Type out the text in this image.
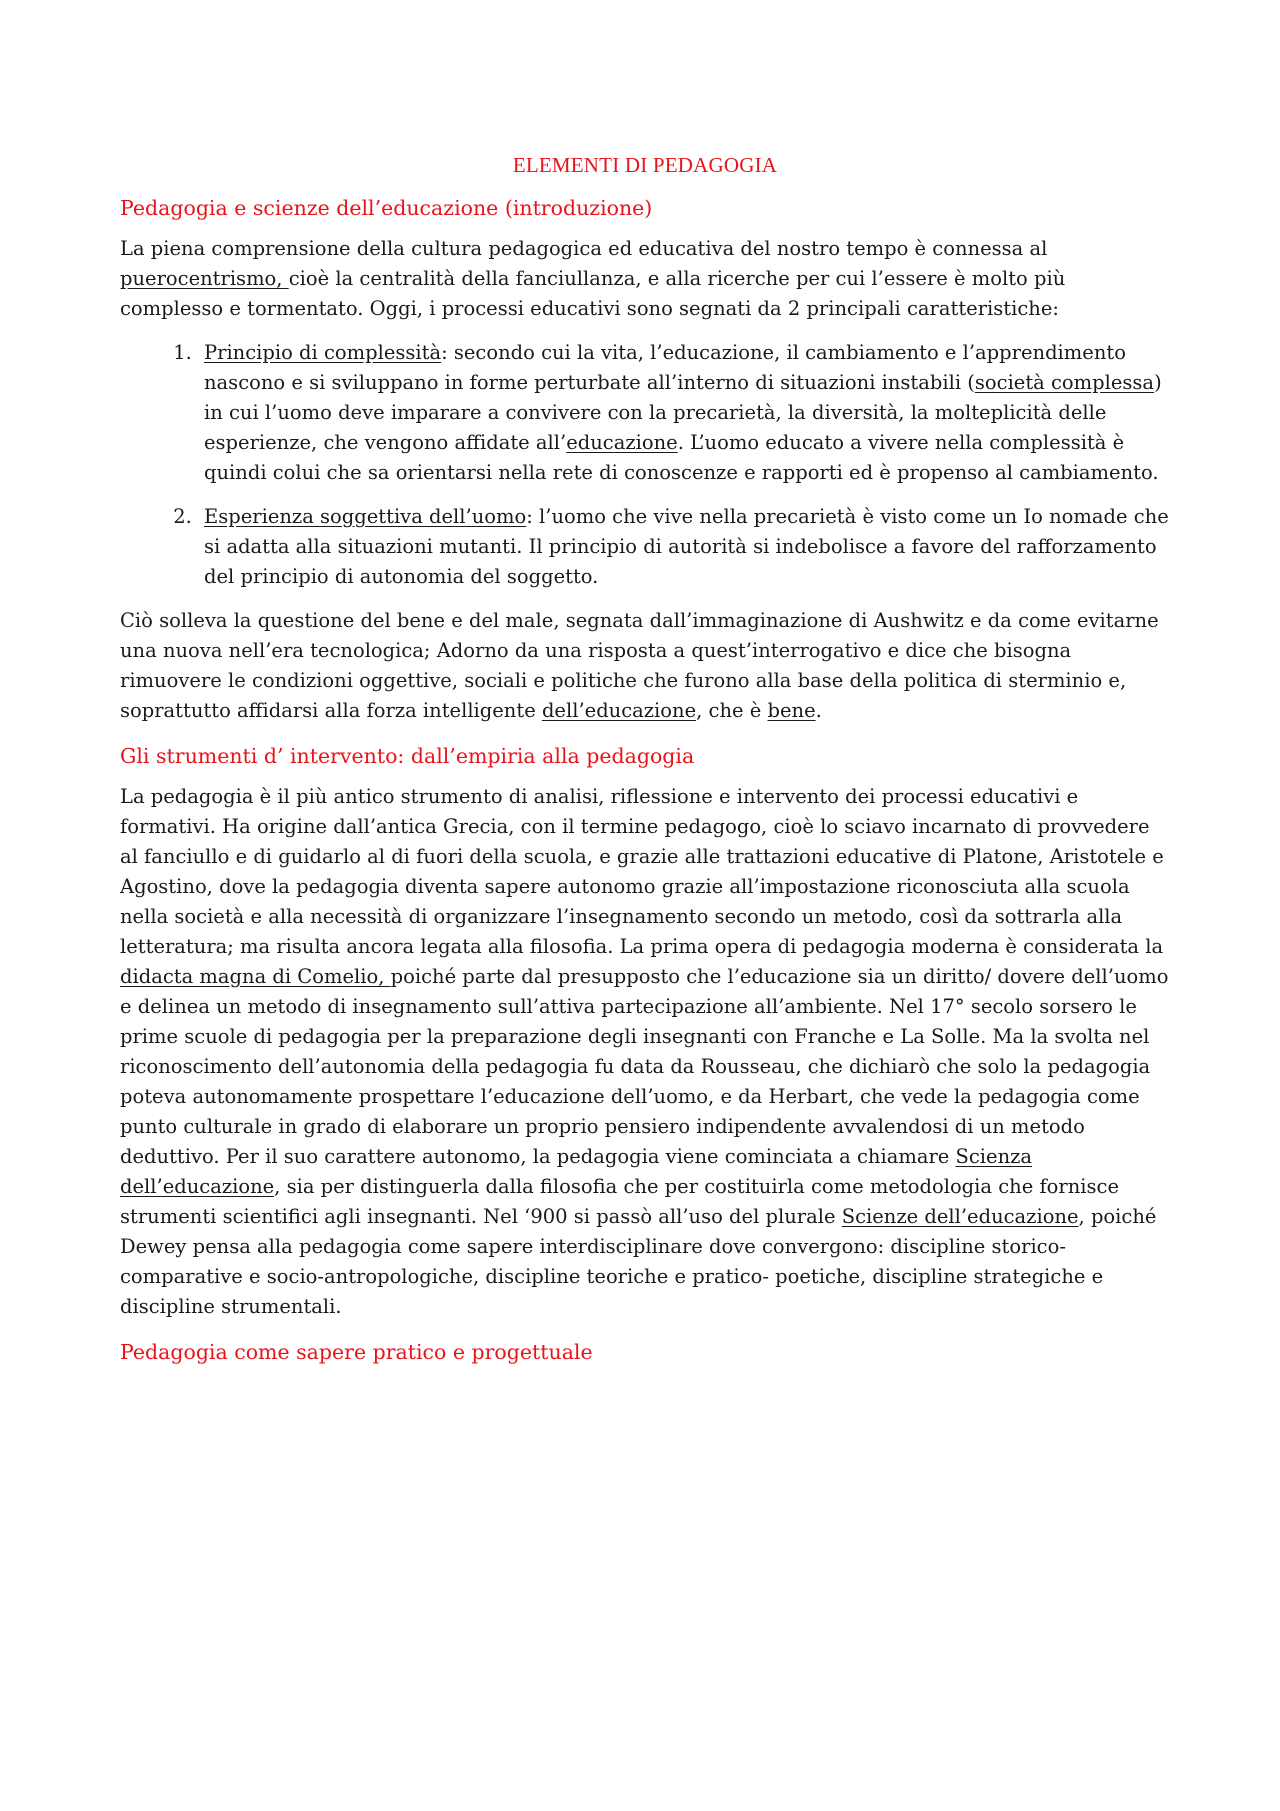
ELEMENTI DI PEDAGOGIA
Pedagogia e scienze dell’educazione (introduzione)

La piena comprensione della cultura pedagogica ed educativa del nostro tempo è connessa al puerocentrismo, cioè la centralità della fanciullanza, e alla ricerche per cui l’essere è molto più complesso e tormentato. Oggi, i processi educativi sono segnati da 2 principali caratteristiche:

1. Principio di complessità: secondo cui la vita, l’educazione, il cambiamento e l’apprendimento nascono e si sviluppano in forme perturbate all’interno di situazioni instabili (società complessa) in cui l’uomo deve imparare a convivere con la precarietà, la diversità, la molteplicità delle esperienze, che vengono affidate all’educazione. L’uomo educato a vivere nella complessità è quindi colui che sa orientarsi nella rete di conoscenze e rapporti ed è propenso al cambiamento.
2. Esperienza soggettiva dell’uomo: l’uomo che vive nella precarietà è visto come un Io nomade che si adatta alla situazioni mutanti. Il principio di autorità si indebolisce a favore del rafforzamento del principio di autonomia del soggetto.

Ciò solleva la questione del bene e del male, segnata dall’immaginazione di Aushwitz e da come evitarne una nuova nell’era tecnologica; Adorno da una risposta a quest’interrogativo e dice che bisogna rimuovere le condizioni oggettive, sociali e politiche che furono alla base della politica di sterminio e, soprattutto affidarsi alla forza intelligente dell’educazione, che è bene.

Gli strumenti d’ intervento: dall’empiria alla pedagogia

La pedagogia è il più antico strumento di analisi, riflessione e intervento dei processi educativi e formativi. Ha origine dall’antica Grecia, con il termine pedagogo, cioè lo sciavo incarnato di provvedere al fanciullo e di guidarlo al di fuori della scuola, e grazie alle trattazioni educative di Platone, Aristotele e Agostino, dove la pedagogia diventa sapere autonomo grazie all’impostazione riconosciuta alla scuola nella società e alla necessità di organizzare l’insegnamento secondo un metodo, così da sottrarla alla letteratura; ma risulta ancora legata alla filosofia. La prima opera di pedagogia moderna è considerata la didacta magna di Comelio, poiché parte dal presupposto che l’educazione sia un diritto/ dovere dell’uomo e delinea un metodo di insegnamento sull’attiva partecipazione all’ambiente. Nel 17° secolo sorsero le prime scuole di pedagogia per la preparazione degli insegnanti con Franche e La Solle. Ma la svolta nel riconoscimento dell’autonomia della pedagogia fu data da Rousseau, che dichiarò che solo la pedagogia poteva autonomamente prospettare l’educazione dell’uomo, e da Herbart, che vede la pedagogia come punto culturale in grado di elaborare un proprio pensiero indipendente avvalendosi di un metodo deduttivo. Per il suo carattere autonomo, la pedagogia viene cominciata a chiamare Scienza dell’educazione, sia per distinguerla dalla filosofia che per costituirla come metodologia che fornisce strumenti scientifici agli insegnanti. Nel ‘900 si passò all’uso del plurale Scienze dell’educazione, poiché Dewey pensa alla pedagogia come sapere interdisciplinare dove convergono: discipline storico-comparative e socio-antropologiche, discipline teoriche e pratico- poetiche, discipline strategiche e discipline strumentali.

Pedagogia come sapere pratico e progettuale
